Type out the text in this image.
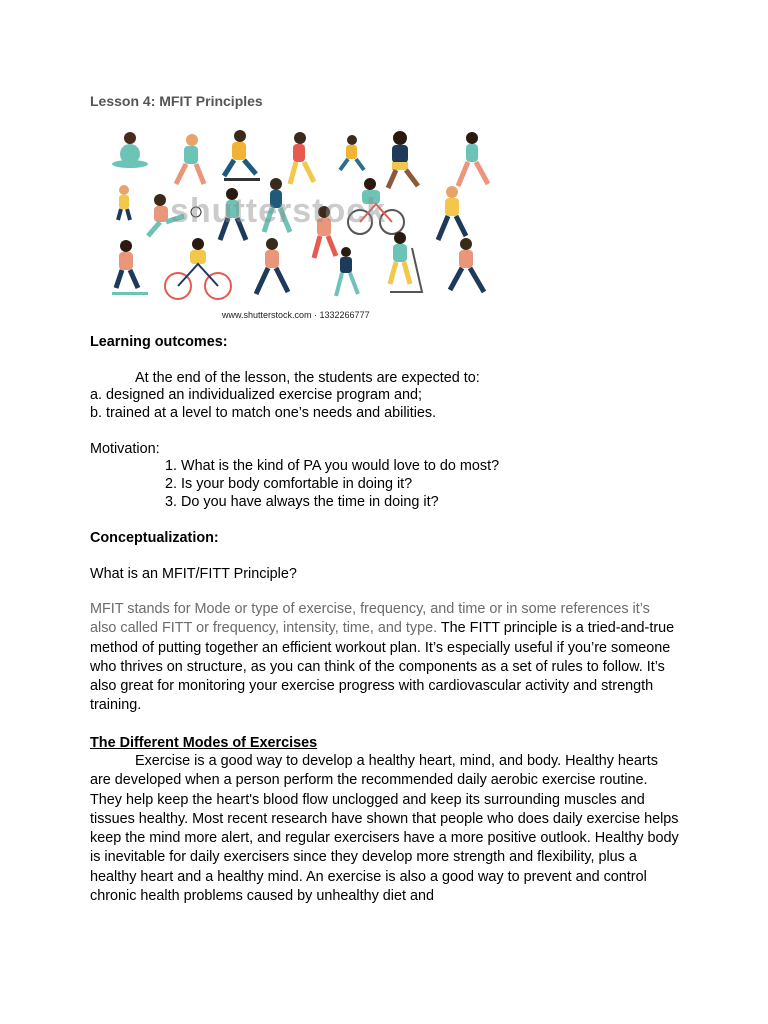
Lesson 4: MFIT Principles
shutterstock
www.shutterstock.com · 1332266777
Learning outcomes:
At the end of the lesson, the students are expected to:
a. designed an individualized exercise program and;
b. trained at a level to match one’s needs and abilities.
Motivation:
1. What is the kind of PA you would love to do most?
2. Is your body comfortable in doing it?
3. Do you have always the time in doing it?
Conceptualization:
What is an MFIT/FITT Principle?
MFIT stands for Mode or type of exercise, frequency, and time or in some references it’s also called FITT or frequency, intensity, time, and type. The FITT principle is a tried-and-true method of putting together an efficient workout plan. It’s especially useful if you’re someone who thrives on structure, as you can think of the components as a set of rules to follow. It’s also great for monitoring your exercise progress with cardiovascular activity and strength training.
The Different Modes of Exercises
Exercise is a good way to develop a healthy heart, mind, and body. Healthy hearts are developed when a person perform the recommended daily aerobic exercise routine. They help keep the heart's blood flow unclogged and keep its surrounding muscles and tissues healthy. Most recent research have shown that people who does daily exercise helps keep the mind more alert, and regular exercisers have a more positive outlook. Healthy body is inevitable for daily exercisers since they develop more strength and flexibility, plus a healthy heart and a healthy mind. An exercise is also a good way to prevent and control chronic health problems caused by unhealthy diet and
